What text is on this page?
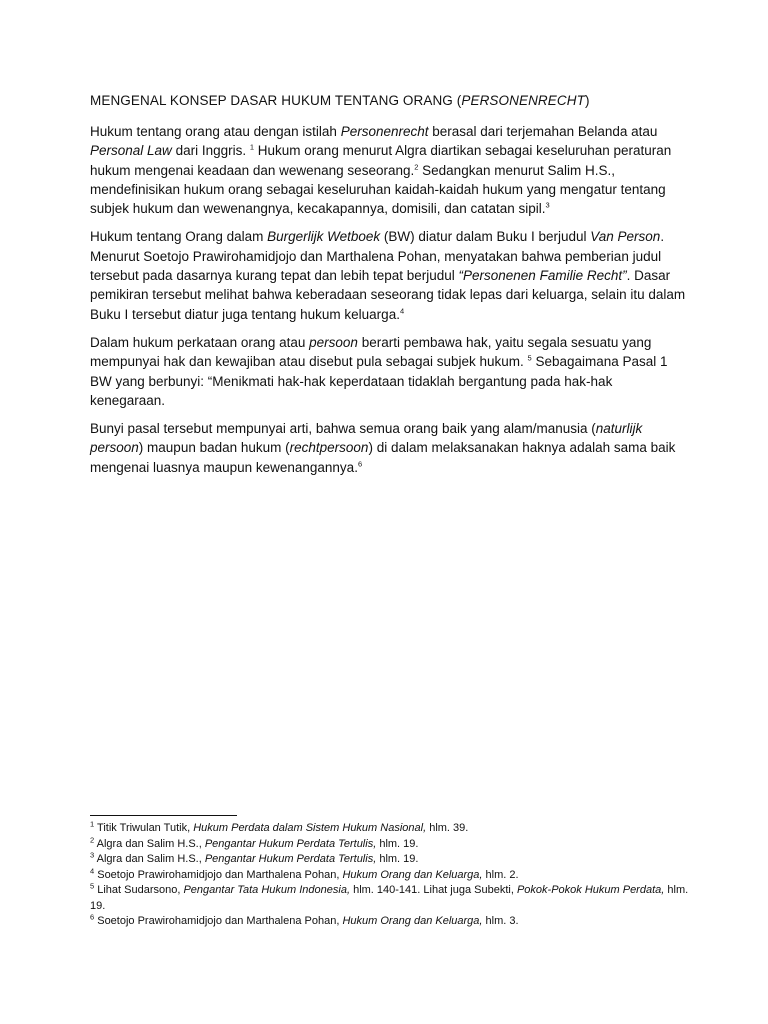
MENGENAL KONSEP DASAR HUKUM TENTANG ORANG (PERSONENRECHT)

Hukum tentang orang atau dengan istilah Personenrecht berasal dari terjemahan Belanda atau Personal Law dari Inggris. $^1$ Hukum orang menurut Algra diartikan sebagai keseluruhan peraturan hukum mengenai keadaan dan wewenang seseorang.$^2$ Sedangkan menurut Salim H.S., mendefinisikan hukum orang sebagai keseluruhan kaidah-kaidah hukum yang mengatur tentang subjek hukum dan wewenangnya, kecakapannya, domisili, dan catatan sipil.$^3$

Hukum tentang Orang dalam Burgerlijk Wetboek (BW) diatur dalam Buku I berjudul Van Person. Menurut Soetojo Prawirohamidjojo dan Marthalena Pohan, menyatakan bahwa pemberian judul tersebut pada dasarnya kurang tepat dan lebih tepat berjudul “Personenen Familie Recht”. Dasar pemikiran tersebut melihat bahwa keberadaan seseorang tidak lepas dari keluarga, selain itu dalam Buku I tersebut diatur juga tentang hukum keluarga.$^4$

Dalam hukum perkataan orang atau persoon berarti pembawa hak, yaitu segala sesuatu yang mempunyai hak dan kewajiban atau disebut pula sebagai subjek hukum. $^5$ Sebagaimana Pasal 1 BW yang berbunyi: “Menikmati hak-hak keperdataan tidaklah bergantung pada hak-hak kenegaraan.

Bunyi pasal tersebut mempunyai arti, bahwa semua orang baik yang alam/manusia (naturlijk persoon) maupun badan hukum (rechtpersoon) di dalam melaksanakan haknya adalah sama baik mengenai luasnya maupun kewenangannya.$^6$

$^1$ Titik Triwulan Tutik, Hukum Perdata dalam Sistem Hukum Nasional, hlm. 39.

$^2$ Algra dan Salim H.S., Pengantar Hukum Perdata Tertulis, hlm. 19.

$^3$ Algra dan Salim H.S., Pengantar Hukum Perdata Tertulis, hlm. 19.

$^4$ Soetojo Prawirohamidjojo dan Marthalena Pohan, Hukum Orang dan Keluarga, hlm. 2.

$^5$ Lihat Sudarsono, Pengantar Tata Hukum Indonesia, hlm. 140-141. Lihat juga Subekti, Pokok-Pokok Hukum Perdata, hlm. 19.

$^6$ Soetojo Prawirohamidjojo dan Marthalena Pohan, Hukum Orang dan Keluarga, hlm. 3.
